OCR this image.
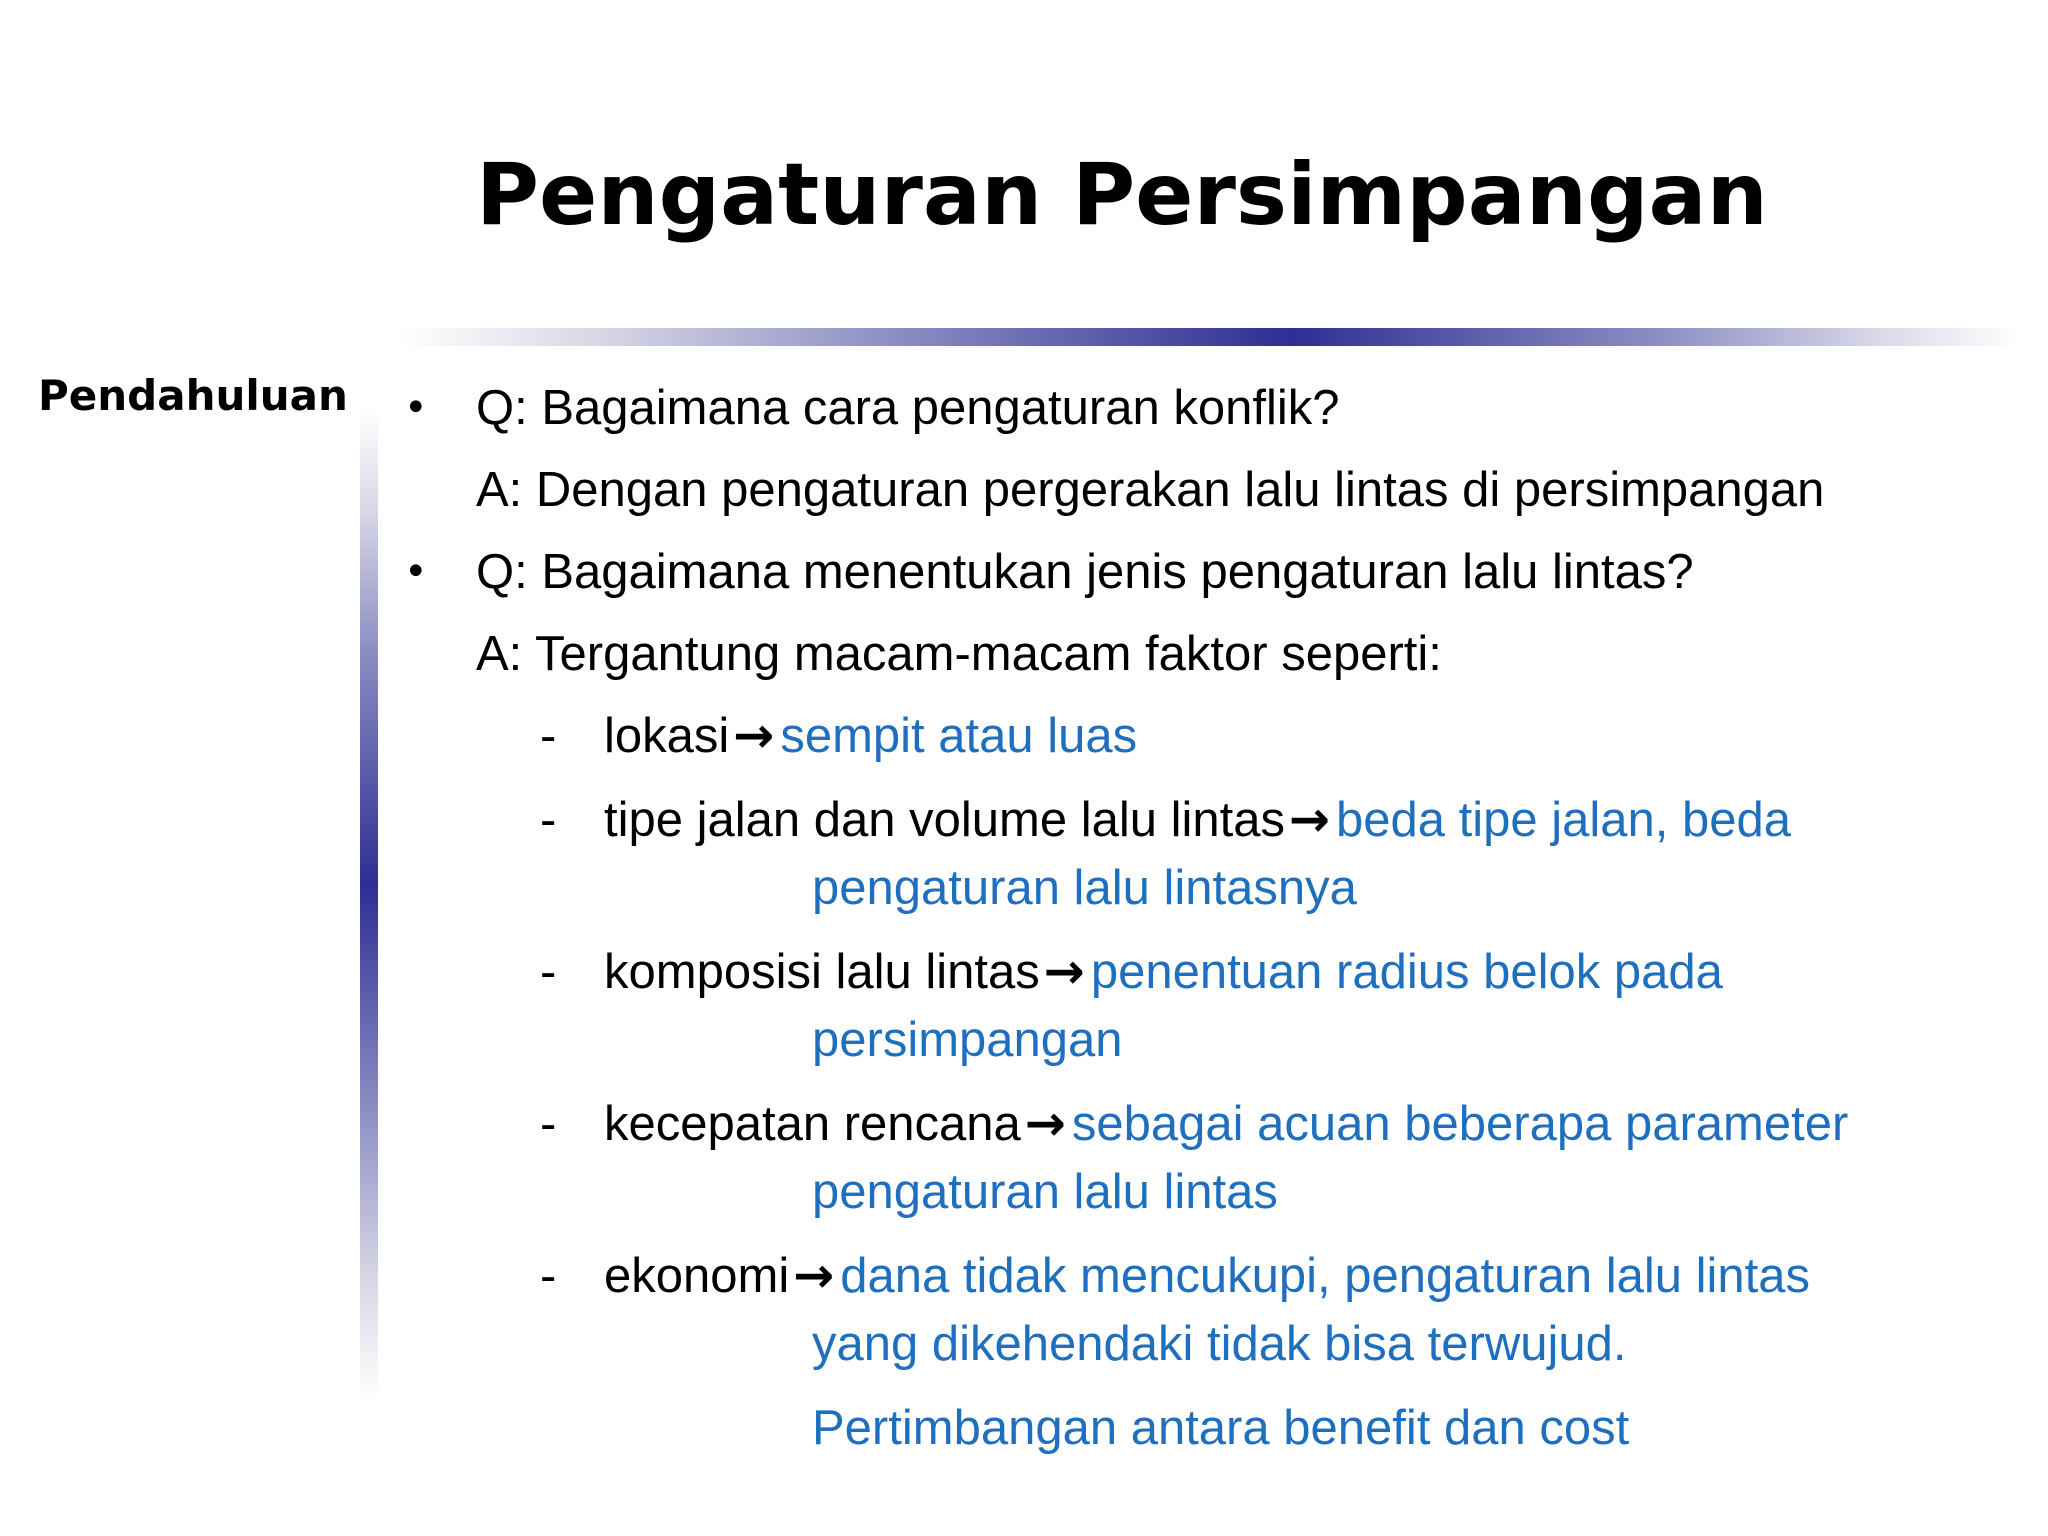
Pengaturan Persimpangan
Pendahuluan • Q: Bagaimana cara pengaturan konflik?
A: Dengan pengaturan pergerakan lalu lintas di persimpangan
• Q: Bagaimana menentukan jenis pengaturan lalu lintas?
A: Tergantung macam-macam faktor seperti:
- lokasi→ sempit atau luas
- tipe jalan dan volume lalu lintas→ beda tipe jalan, beda
pengaturan lalu lintasnya
- komposisi lalu lintas→ penentuan radius belok pada
persimpangan
- kecepatan rencana→ sebagai acuan beberapa parameter
pengaturan lalu lintas
- ekonomi→ dana tidak mencukupi, pengaturan lalu lintas
yang dikehendaki tidak bisa terwujud.
Pertimbangan antara benefit dan cost
